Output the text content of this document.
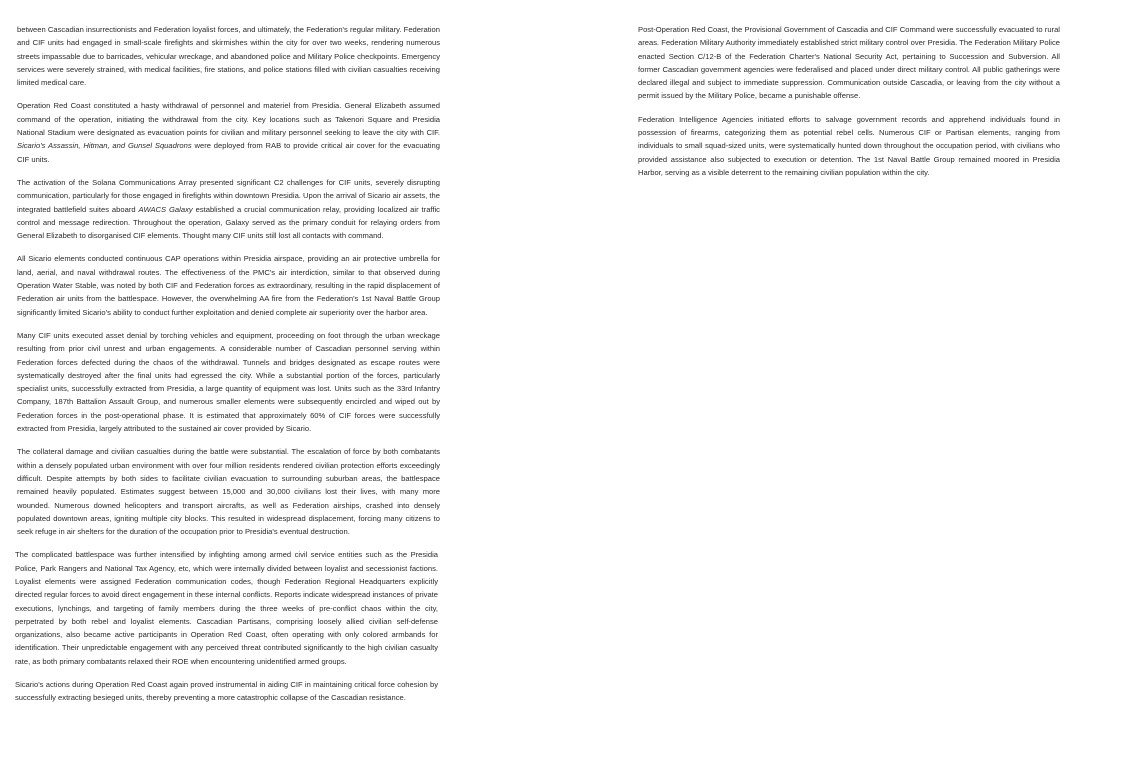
between Cascadian insurrectionists and Federation loyalist forces, and ultimately, the Federation's regular military. Federation and CIF units had engaged in small-scale firefights and skirmishes within the city for over two weeks, rendering numerous streets impassable due to barricades, vehicular wreckage, and abandoned police and Military Police checkpoints. Emergency services were severely strained, with medical facilities, fire stations, and police stations filled with civilian casualties receiving limited medical care.

Operation Red Coast constituted a hasty withdrawal of personnel and materiel from Presidia. General Elizabeth assumed command of the operation, initiating the withdrawal from the city. Key locations such as Takenori Square and Presidia National Stadium were designated as evacuation points for civilian and military personnel seeking to leave the city with CIF. Sicario's Assassin, Hitman, and Gunsel Squadrons were deployed from RAB to provide critical air cover for the evacuating CIF units.

The activation of the Solana Communications Array presented significant C2 challenges for CIF units, severely disrupting communication, particularly for those engaged in firefights within downtown Presidia. Upon the arrival of Sicario air assets, the integrated battlefield suites aboard AWACS Galaxy established a crucial communication relay, providing localized air traffic control and message redirection. Throughout the operation, Galaxy served as the primary conduit for relaying orders from General Elizabeth to disorganised CIF elements. Thought many CIF units still lost all contacts with command.

All Sicario elements conducted continuous CAP operations within Presidia airspace, providing an air protective umbrella for land, aerial, and naval withdrawal routes. The effectiveness of the PMC's air interdiction, similar to that observed during Operation Water Stable, was noted by both CIF and Federation forces as extraordinary, resulting in the rapid displacement of Federation air units from the battlespace. However, the overwhelming AA fire from the Federation's 1st Naval Battle Group significantly limited Sicario's ability to conduct further exploitation and denied complete air superiority over the harbor area.

Many CIF units executed asset denial by torching vehicles and equipment, proceeding on foot through the urban wreckage resulting from prior civil unrest and urban engagements. A considerable number of Cascadian personnel serving within Federation forces defected during the chaos of the withdrawal. Tunnels and bridges designated as escape routes were systematically destroyed after the final units had egressed the city. While a substantial portion of the forces, particularly specialist units, successfully extracted from Presidia, a large quantity of equipment was lost. Units such as the 33rd Infantry Company, 187th Battalion Assault Group, and numerous smaller elements were subsequently encircled and wiped out by Federation forces in the post-operational phase. It is estimated that approximately 60% of CIF forces were successfully extracted from Presidia, largely attributed to the sustained air cover provided by Sicario.

The collateral damage and civilian casualties during the battle were substantial. The escalation of force by both combatants within a densely populated urban environment with over four million residents rendered civilian protection efforts exceedingly difficult. Despite attempts by both sides to facilitate civilian evacuation to surrounding suburban areas, the battlespace remained heavily populated. Estimates suggest between 15,000 and 30,000 civilians lost their lives, with many more wounded. Numerous downed helicopters and transport aircrafts, as well as Federation airships, crashed into densely populated downtown areas, igniting multiple city blocks. This resulted in widespread displacement, forcing many citizens to seek refuge in air shelters for the duration of the occupation prior to Presidia's eventual destruction.

The complicated battlespace was further intensified by infighting among armed civil service entities such as the Presidia Police, Park Rangers and National Tax Agency, etc, which were internally divided between loyalist and secessionist factions. Loyalist elements were assigned Federation communication codes, though Federation Regional Headquarters explicitly directed regular forces to avoid direct engagement in these internal conflicts. Reports indicate widespread instances of private executions, lynchings, and targeting of family members during the three weeks of pre-conflict chaos within the city, perpetrated by both rebel and loyalist elements. Cascadian Partisans, comprising loosely allied civilian self-defense organizations, also became active participants in Operation Red Coast, often operating with only colored armbands for identification. Their unpredictable engagement with any perceived threat contributed significantly to the high civilian casualty rate, as both primary combatants relaxed their ROE when encountering unidentified armed groups.

Sicario's actions during Operation Red Coast again proved instrumental in aiding CIF in maintaining critical force cohesion by successfully extracting besieged units, thereby preventing a more catastrophic collapse of the Cascadian resistance.

Post-Operation Red Coast, the Provisional Government of Cascadia and CIF Command were successfully evacuated to rural areas. Federation Military Authority immediately established strict military control over Presidia. The Federation Military Police enacted Section C/12-B of the Federation Charter's National Security Act, pertaining to Succession and Subversion. All former Cascadian government agencies were federalised and placed under direct military control. All public gatherings were declared illegal and subject to immediate suppression. Communication outside Cascadia, or leaving from the city without a permit issued by the Military Police, became a punishable offense.

Federation Intelligence Agencies initiated efforts to salvage government records and apprehend individuals found in possession of firearms, categorizing them as potential rebel cells. Numerous CIF or Partisan elements, ranging from individuals to small squad-sized units, were systematically hunted down throughout the occupation period, with civilians who provided assistance also subjected to execution or detention. The 1st Naval Battle Group remained moored in Presidia Harbor, serving as a visible deterrent to the remaining civilian population within the city.
